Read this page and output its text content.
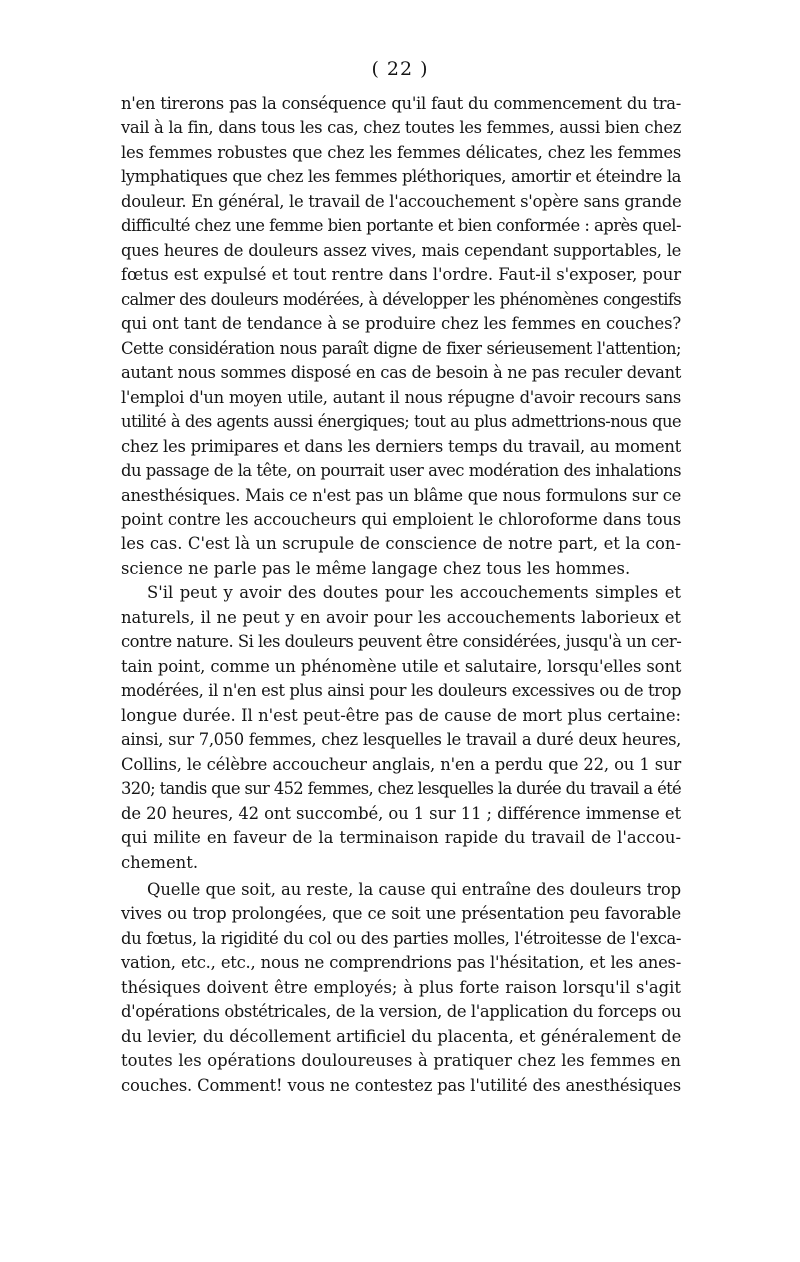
( 22 )
n'en tirerons pas la conséquence qu'il faut du commencement du tra-
vail à la fin, dans tous les cas, chez toutes les femmes, aussi bien chez
les femmes robustes que chez les femmes délicates, chez les femmes
lymphatiques que chez les femmes pléthoriques, amortir et éteindre la
douleur. En général, le travail de l'accouchement s'opère sans grande
difficulté chez une femme bien portante et bien conformée : après quel-
ques heures de douleurs assez vives, mais cependant supportables, le
fœtus est expulsé et tout rentre dans l'ordre. Faut-il s'exposer, pour
calmer des douleurs modérées, à développer les phénomènes congestifs
qui ont tant de tendance à se produire chez les femmes en couches?
Cette considération nous paraît digne de fixer sérieusement l'attention;
autant nous sommes disposé en cas de besoin à ne pas reculer devant
l'emploi d'un moyen utile, autant il nous répugne d'avoir recours sans
utilité à des agents aussi énergiques; tout au plus admettrions-nous que
chez les primipares et dans les derniers temps du travail, au moment
du passage de la tête, on pourrait user avec modération des inhalations
anesthésiques. Mais ce n'est pas un blâme que nous formulons sur ce
point contre les accoucheurs qui emploient le chloroforme dans tous
les cas. C'est là un scrupule de conscience de notre part, et la con-
science ne parle pas le même langage chez tous les hommes.
S'il peut y avoir des doutes pour les accouchements simples et
naturels, il ne peut y en avoir pour les accouchements laborieux et
contre nature. Si les douleurs peuvent être considérées, jusqu'à un cer-
tain point, comme un phénomène utile et salutaire, lorsqu'elles sont
modérées, il n'en est plus ainsi pour les douleurs excessives ou de trop
longue durée. Il n'est peut-être pas de cause de mort plus certaine:
ainsi, sur 7,050 femmes, chez lesquelles le travail a duré deux heures,
Collins, le célèbre accoucheur anglais, n'en a perdu que 22, ou 1 sur
320; tandis que sur 452 femmes, chez lesquelles la durée du travail a été
de 20 heures, 42 ont succombé, ou 1 sur 11 ; différence immense et
qui milite en faveur de la terminaison rapide du travail de l'accou-
chement.
Quelle que soit, au reste, la cause qui entraîne des douleurs trop
vives ou trop prolongées, que ce soit une présentation peu favorable
du fœtus, la rigidité du col ou des parties molles, l'étroitesse de l'exca-
vation, etc., etc., nous ne comprendrions pas l'hésitation, et les anes-
thésiques doivent être employés; à plus forte raison lorsqu'il s'agit
d'opérations obstétricales, de la version, de l'application du forceps ou
du levier, du décollement artificiel du placenta, et généralement de
toutes les opérations douloureuses à pratiquer chez les femmes en
couches. Comment! vous ne contestez pas l'utilité des anesthésiques
